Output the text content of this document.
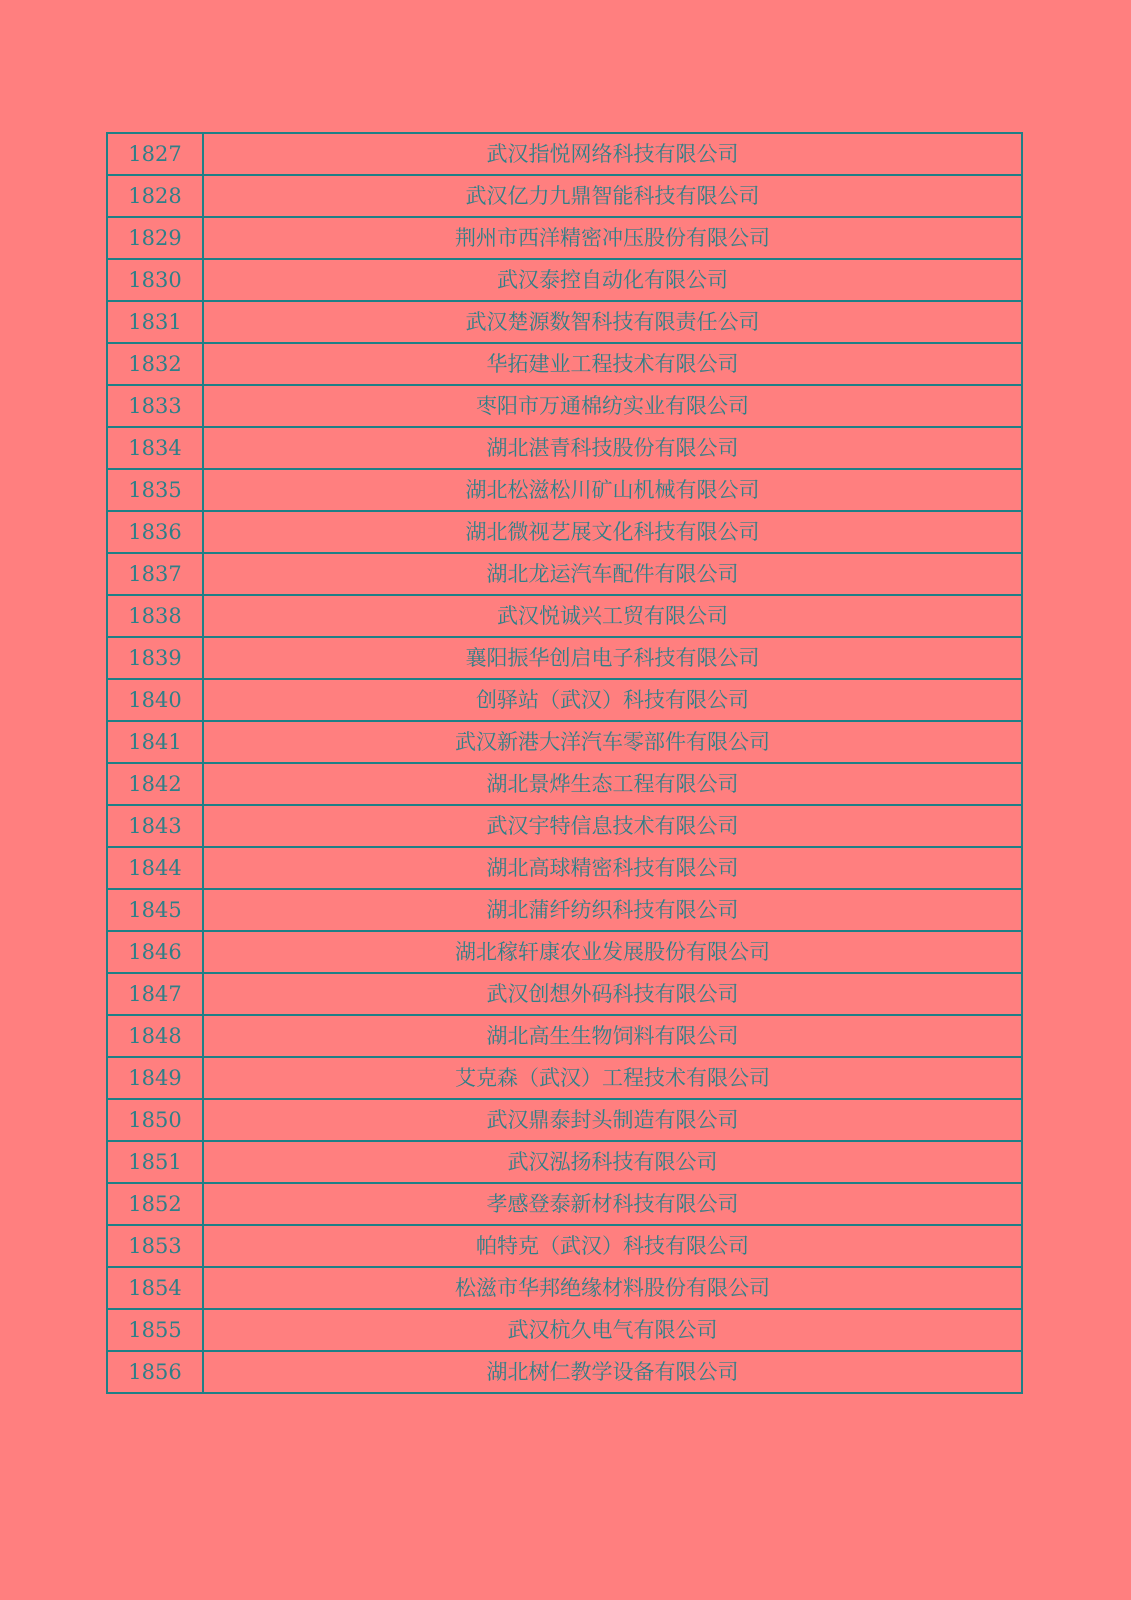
1827	武汉指悦网络科技有限公司
1828	武汉亿力九鼎智能科技有限公司
1829	荆州市西洋精密冲压股份有限公司
1830	武汉泰控自动化有限公司
1831	武汉楚源数智科技有限责任公司
1832	华拓建业工程技术有限公司
1833	枣阳市万通棉纺实业有限公司
1834	湖北湛青科技股份有限公司
1835	湖北松滋松川矿山机械有限公司
1836	湖北微视艺展文化科技有限公司
1837	湖北龙运汽车配件有限公司
1838	武汉悦诚兴工贸有限公司
1839	襄阳振华创启电子科技有限公司
1840	创驿站（武汉）科技有限公司
1841	武汉新港大洋汽车零部件有限公司
1842	湖北景烨生态工程有限公司
1843	武汉宇特信息技术有限公司
1844	湖北高球精密科技有限公司
1845	湖北蒲纤纺织科技有限公司
1846	湖北稼轩康农业发展股份有限公司
1847	武汉创想外码科技有限公司
1848	湖北高生生物饲料有限公司
1849	艾克森（武汉）工程技术有限公司
1850	武汉鼎泰封头制造有限公司
1851	武汉泓扬科技有限公司
1852	孝感登泰新材科技有限公司
1853	帕特克（武汉）科技有限公司
1854	松滋市华邦绝缘材料股份有限公司
1855	武汉杭久电气有限公司
1856	湖北树仁教学设备有限公司
